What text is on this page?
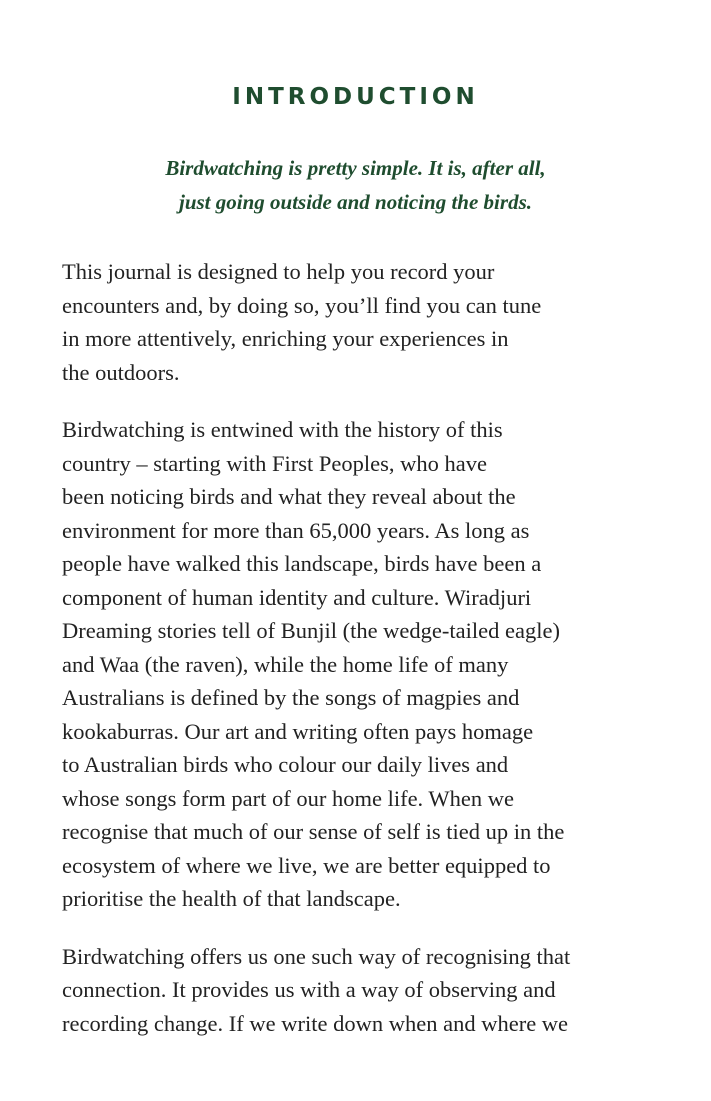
INTRODUCTION
Birdwatching is pretty simple. It is, after all,
just going outside and noticing the birds.

This journal is designed to help you record your
encounters and, by doing so, you’ll find you can tune
in more attentively, enriching your experiences in
the outdoors.

Birdwatching is entwined with the history of this
country – starting with First Peoples, who have
been noticing birds and what they reveal about the
environment for more than 65,000 years. As long as
people have walked this landscape, birds have been a
component of human identity and culture. Wiradjuri
Dreaming stories tell of Bunjil (the wedge-tailed eagle)
and Waa (the raven), while the home life of many
Australians is defined by the songs of magpies and
kookaburras. Our art and writing often pays homage
to Australian birds who colour our daily lives and
whose songs form part of our home life. When we
recognise that much of our sense of self is tied up in the
ecosystem of where we live, we are better equipped to
prioritise the health of that landscape.

Birdwatching offers us one such way of recognising that
connection. It provides us with a way of observing and
recording change. If we write down when and where we
